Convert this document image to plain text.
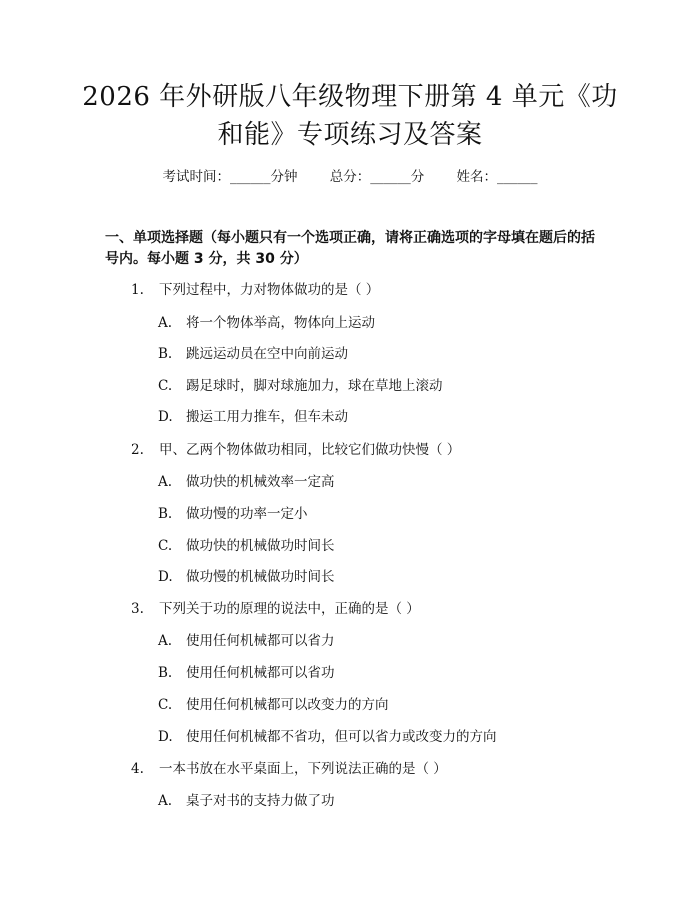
2026 年外研版八年级物理下册第 4 单元《功
和能》专项练习及答案
考试时间：______分钟 总分：______分 姓名：______
一、单项选择题（每小题只有一个选项正确，请将正确选项的字母填在题后的括
号内。每小题 3 分，共 30 分）
1. 下列过程中，力对物体做功的是（ ）
A. 将一个物体举高，物体向上运动
B. 跳远运动员在空中向前运动
C. 踢足球时，脚对球施加力，球在草地上滚动
D. 搬运工用力推车，但车未动
2. 甲、乙两个物体做功相同，比较它们做功快慢（ ）
A. 做功快的机械效率一定高
B. 做功慢的功率一定小
C. 做功快的机械做功时间长
D. 做功慢的机械做功时间长
3. 下列关于功的原理的说法中，正确的是（ ）
A. 使用任何机械都可以省力
B. 使用任何机械都可以省功
C. 使用任何机械都可以改变力的方向
D. 使用任何机械都不省功，但可以省力或改变力的方向
4. 一本书放在水平桌面上，下列说法正确的是（ ）
A. 桌子对书的支持力做了功
